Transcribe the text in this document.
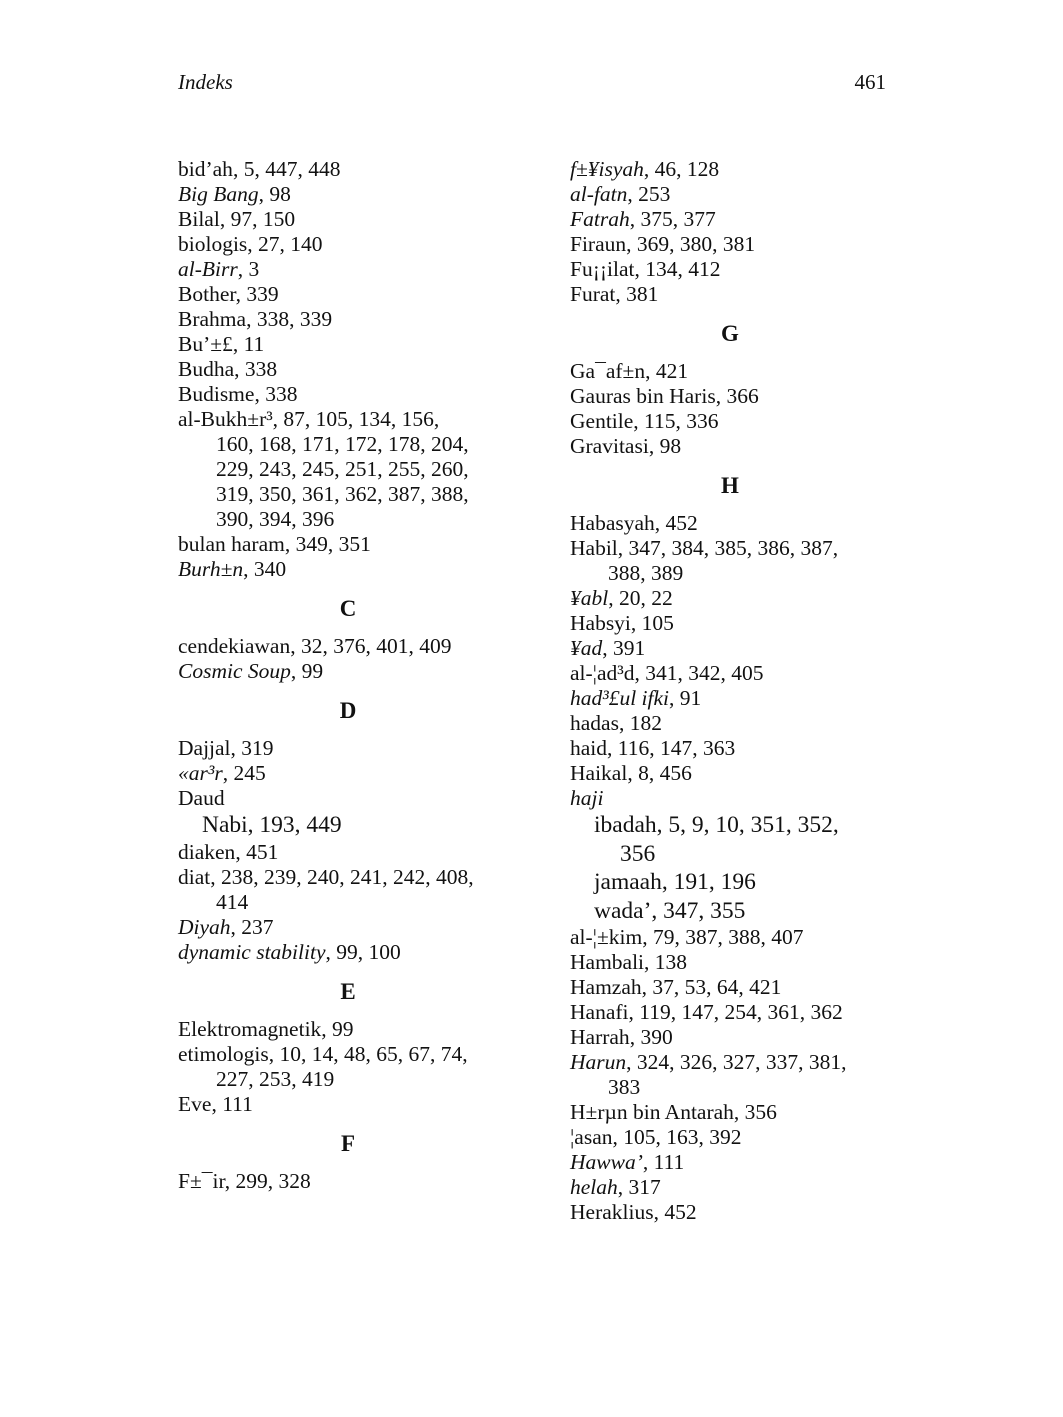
Indeks	461
bid’ah, 5, 447, 448
Big Bang, 98
Bilal, 97, 150
biologis, 27, 140
al-Birr, 3
Bother, 339
Brahma, 338, 339
Bu’±£, 11
Budha, 338
Budisme, 338
al-Bukh±r³, 87, 105, 134, 156,
160, 168, 171, 172, 178, 204,
229, 243, 245, 251, 255, 260,
319, 350, 361, 362, 387, 388,
390, 394, 396
bulan haram, 349, 351
Burh±n, 340
C
cendekiawan, 32, 376, 401, 409
Cosmic Soup, 99
D
Dajjal, 319
«ar³r, 245
Daud
Nabi, 193, 449
diaken, 451
diat, 238, 239, 240, 241, 242, 408,
414
Diyah, 237
dynamic stability, 99, 100
E
Elektromagnetik, 99
etimologis, 10, 14, 48, 65, 67, 74,
227, 253, 419
Eve, 111
F
F±¯ir, 299, 328
f±¥isyah, 46, 128
al-fatn, 253
Fatrah, 375, 377
Firaun, 369, 380, 381
Fu¡¡ilat, 134, 412
Furat, 381
G
Ga¯af±n, 421
Gauras bin Haris, 366
Gentile, 115, 336
Gravitasi, 98
H
Habasyah, 452
Habil, 347, 384, 385, 386, 387,
388, 389
¥abl, 20, 22
Habsyi, 105
¥ad, 391
al-¦ad³d, 341, 342, 405
had³£ul ifki, 91
hadas, 182
haid, 116, 147, 363
Haikal, 8, 456
haji
ibadah, 5, 9, 10, 351, 352,
356
jamaah, 191, 196
wada’, 347, 355
al-¦±kim, 79, 387, 388, 407
Hambali, 138
Hamzah, 37, 53, 64, 421
Hanafi, 119, 147, 254, 361, 362
Harrah, 390
Harun, 324, 326, 327, 337, 381,
383
H±rµn bin Antarah, 356
¦asan, 105, 163, 392
Hawwa’, 111
helah, 317
Heraklius, 452
